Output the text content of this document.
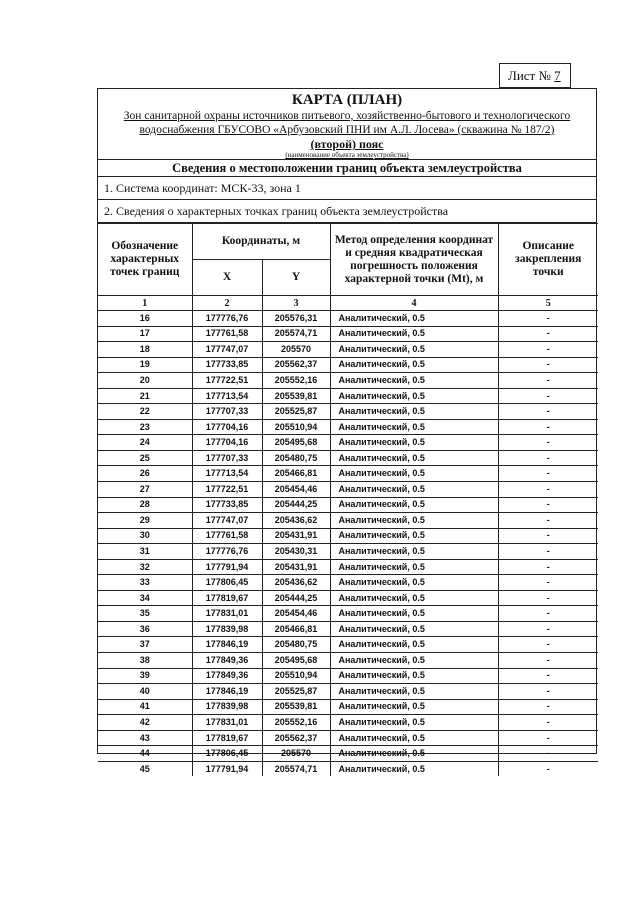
Лист № 7
КАРТА (ПЛАН)
Зон санитарной охраны источников питьевого, хозяйственно-бытового и технологического
водоснабжения ГБУСОВО «Арбузовский ПНИ им А.Л. Лосева» (скважина № 187/2)
(второй) пояс
(наименование объекта землеустройства)
Сведения о местоположении границ объекта землеустройства
1. Система координат: МСК-33, зона 1
2. Сведения о характерных точках границ объекта землеустройства
Обозначение характерных точек границ	Координаты, м		Метод определения координат и средняя квадратическая погрешность положения характерной точки (Mt), м	Описание закрепления точки
	X	Y		
1	2	3	4	5
16	177776,76	205576,31	Аналитический, 0.5	-
17	177761,58	205574,71	Аналитический, 0.5	-
18	177747,07	205570	Аналитический, 0.5	-
19	177733,85	205562,37	Аналитический, 0.5	-
20	177722,51	205552,16	Аналитический, 0.5	-
21	177713,54	205539,81	Аналитический, 0.5	-
22	177707,33	205525,87	Аналитический, 0.5	-
23	177704,16	205510,94	Аналитический, 0.5	-
24	177704,16	205495,68	Аналитический, 0.5	-
25	177707,33	205480,75	Аналитический, 0.5	-
26	177713,54	205466,81	Аналитический, 0.5	-
27	177722,51	205454,46	Аналитический, 0.5	-
28	177733,85	205444,25	Аналитический, 0.5	-
29	177747,07	205436,62	Аналитический, 0.5	-
30	177761,58	205431,91	Аналитический, 0.5	-
31	177776,76	205430,31	Аналитический, 0.5	-
32	177791,94	205431,91	Аналитический, 0.5	-
33	177806,45	205436,62	Аналитический, 0.5	-
34	177819,67	205444,25	Аналитический, 0.5	-
35	177831,01	205454,46	Аналитический, 0.5	-
36	177839,98	205466,81	Аналитический, 0.5	-
37	177846,19	205480,75	Аналитический, 0.5	-
38	177849,36	205495,68	Аналитический, 0.5	-
39	177849,36	205510,94	Аналитический, 0.5	-
40	177846,19	205525,87	Аналитический, 0.5	-
41	177839,98	205539,81	Аналитический, 0.5	-
42	177831,01	205552,16	Аналитический, 0.5	-
43	177819,67	205562,37	Аналитический, 0.5	-
44	177806,45	205570	Аналитический, 0.5	-
45	177791,94	205574,71	Аналитический, 0.5	-
